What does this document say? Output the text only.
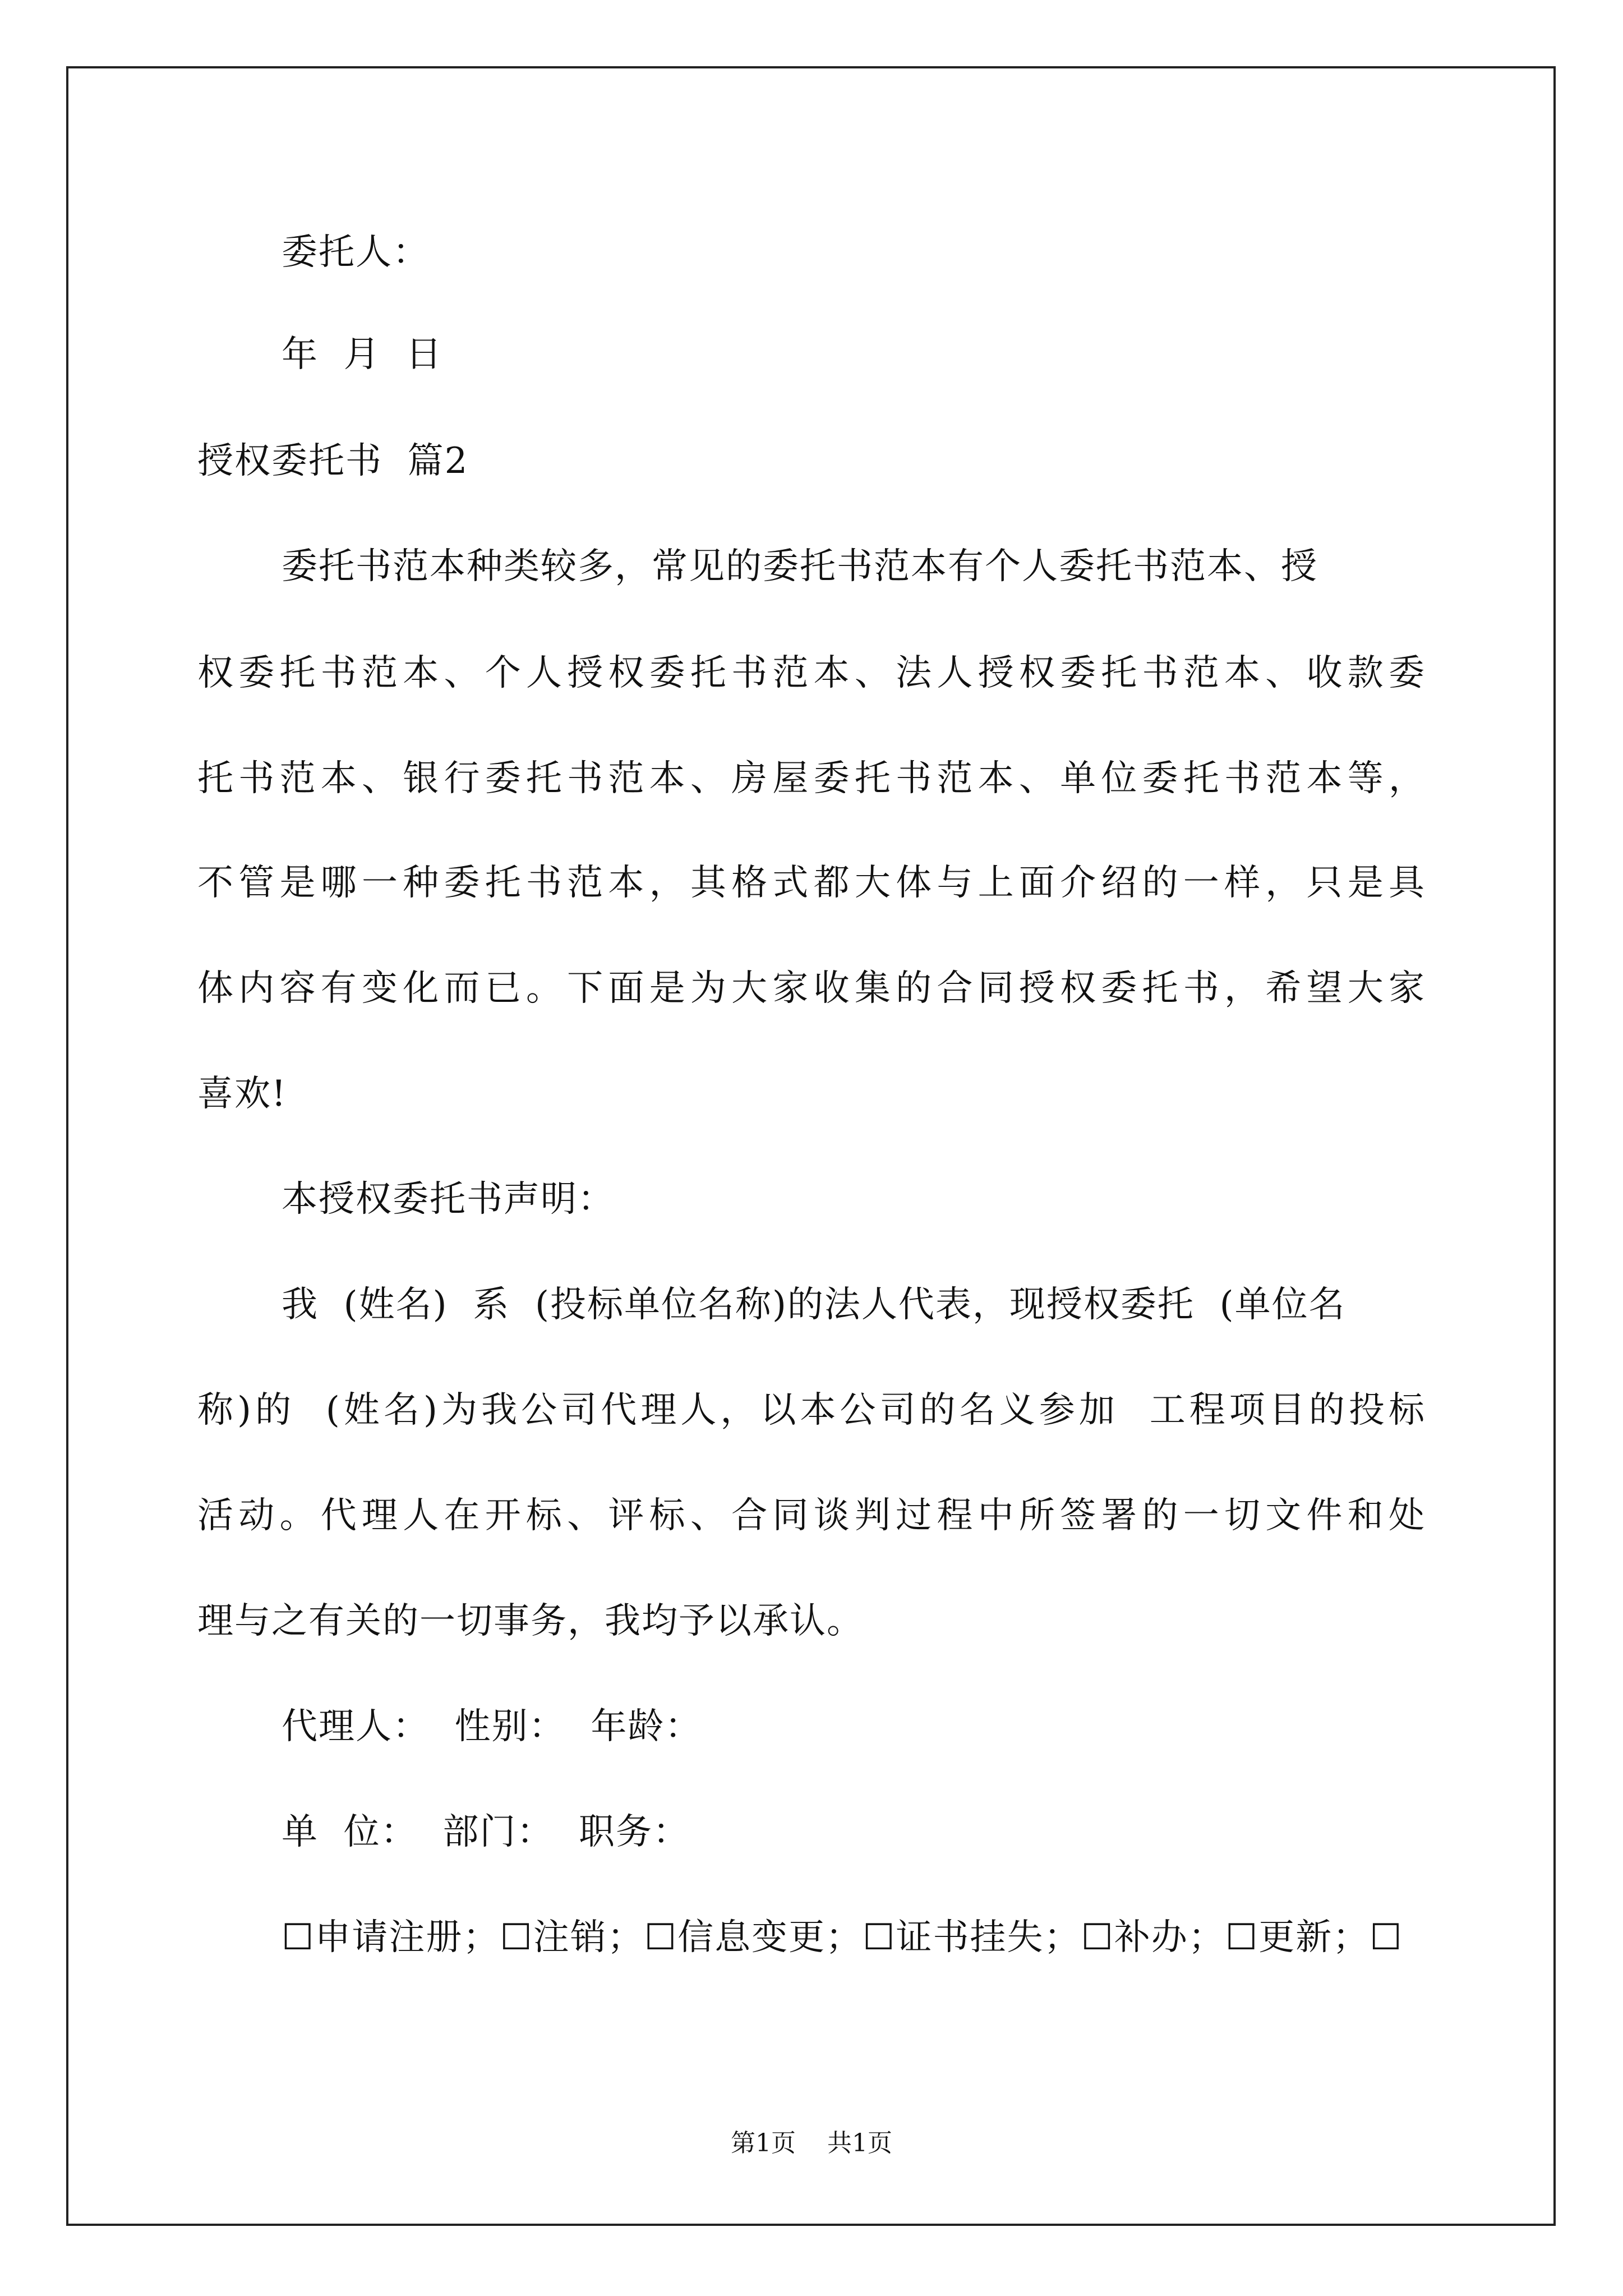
委托人：
年  月  日
授权委托书  篇2
委托书范本种类较多，常见的委托书范本有个人委托书范本、授
权委托书范本、个人授权委托书范本、法人授权委托书范本、收款委
托书范本、银行委托书范本、房屋委托书范本、单位委托书范本等，
不管是哪一种委托书范本，其格式都大体与上面介绍的一样，只是具
体内容有变化而已。下面是为大家收集的合同授权委托书，希望大家
喜欢!
本授权委托书声明：
我  (姓名)  系  (投标单位名称)的法人代表，现授权委托  (单位名
称)的  (姓名)为我公司代理人，以本公司的名义参加  工程项目的投标
活动。代理人在开标、评标、合同谈判过程中所签署的一切文件和处
理与之有关的一切事务，我均予以承认。
代理人：  性别：  年龄：
单  位：  部门：  职务：
☐申请注册；☐注销；☐信息变更；☐证书挂失；☐补办；☐更新；☐
第1页    共1页
